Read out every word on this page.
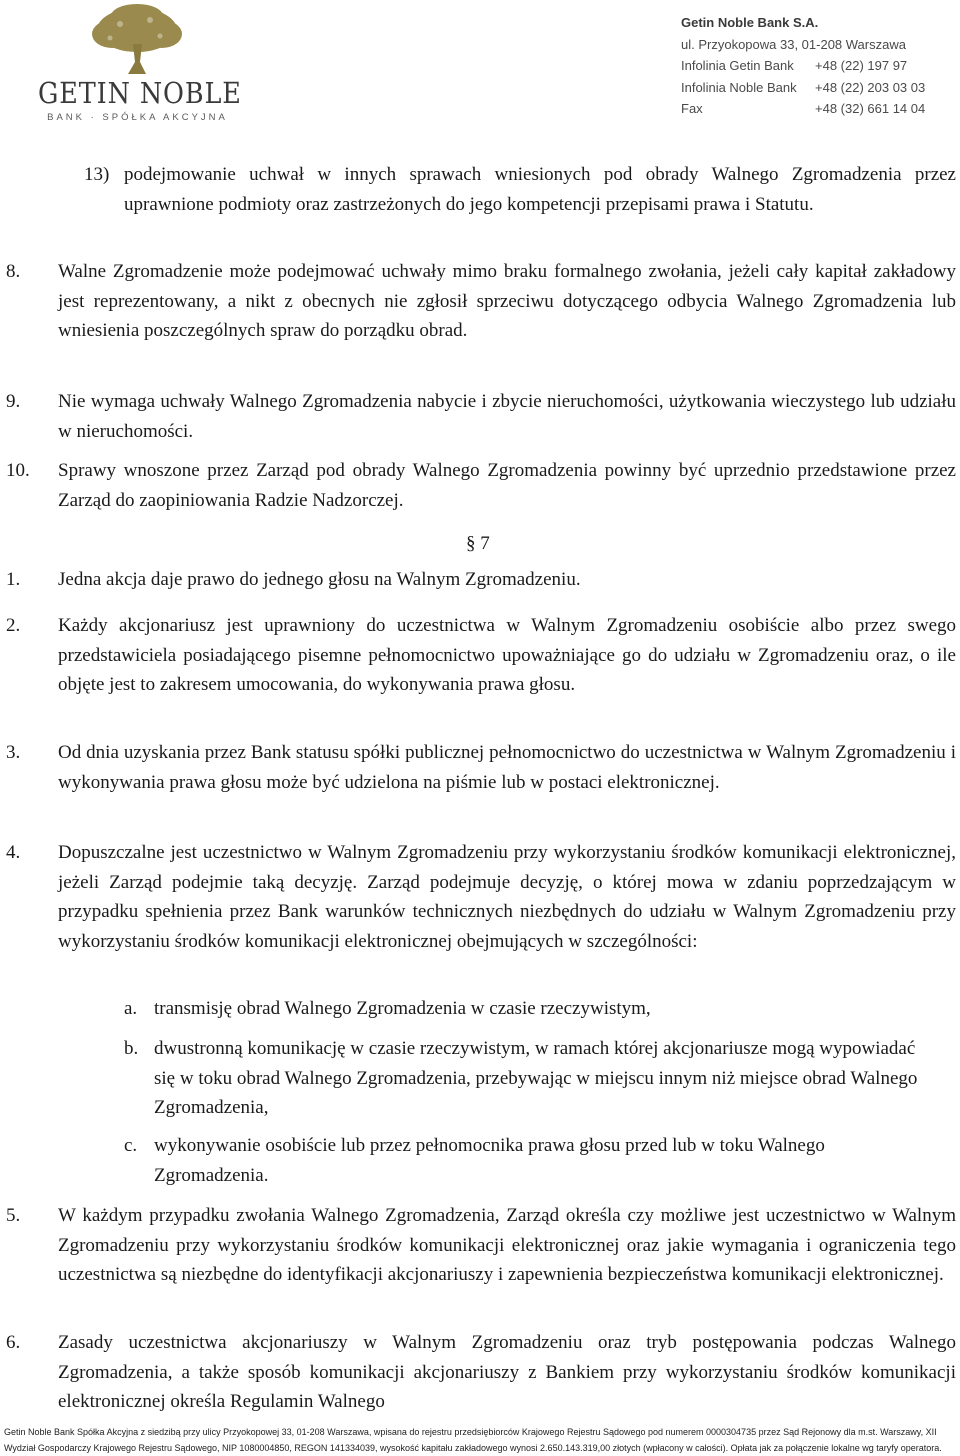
GETIN NOBLE
BANK · SPÓŁKA AKCYJNA
Getin Noble Bank S.A.
ul. Przyokopowa 33, 01-208 Warszawa
Infolinia Getin Bank	+48 (22) 197 97
Infolinia Noble Bank	+48 (22) 203 03 03
Fax	+48 (32) 661 14 04
13) podejmowanie uchwał w innych sprawach wniesionych pod obrady Walnego Zgromadzenia przez uprawnione podmioty oraz zastrzeżonych do jego kompetencji przepisami prawa i Statutu.

8.	Walne Zgromadzenie może podejmować uchwały mimo braku formalnego zwołania, jeżeli cały kapitał zakładowy jest reprezentowany, a nikt z obecnych nie zgłosił sprzeciwu dotyczącego odbycia Walnego Zgromadzenia lub wniesienia poszczególnych spraw do porządku obrad.

9.	Nie wymaga uchwały Walnego Zgromadzenia nabycie i zbycie nieruchomości, użytkowania wieczystego lub udziału w nieruchomości.

10.	Sprawy wnoszone przez Zarząd pod obrady Walnego Zgromadzenia powinny być uprzednio przedstawione przez Zarząd do zaopiniowania Radzie Nadzorczej.

§ 7
1.	Jedna akcja daje prawo do jednego głosu na Walnym Zgromadzeniu.

2.	Każdy akcjonariusz jest uprawniony do uczestnictwa w Walnym Zgromadzeniu osobiście albo przez swego przedstawiciela posiadającego pisemne pełnomocnictwo upoważniające go do udziału w Zgromadzeniu oraz, o ile objęte jest to zakresem umocowania, do wykonywania prawa głosu.

3.	Od dnia uzyskania przez Bank statusu spółki publicznej pełnomocnictwo do uczestnictwa w Walnym Zgromadzeniu i wykonywania prawa głosu może być udzielona na piśmie lub w postaci elektronicznej.

4.	Dopuszczalne jest uczestnictwo w Walnym Zgromadzeniu przy wykorzystaniu środków komunikacji elektronicznej, jeżeli Zarząd podejmie taką decyzję. Zarząd podejmuje decyzję, o której mowa w zdaniu poprzedzającym w przypadku spełnienia przez Bank warunków technicznych niezbędnych do udziału w Walnym Zgromadzeniu przy wykorzystaniu środków komunikacji elektronicznej obejmujących w szczególności:

a. transmisję obrad Walnego Zgromadzenia w czasie rzeczywistym,

b. dwustronną komunikację w czasie rzeczywistym, w ramach której akcjonariusze mogą wypowiadać się w toku obrad Walnego Zgromadzenia, przebywając w miejscu innym niż miejsce obrad Walnego Zgromadzenia,

c. wykonywanie osobiście lub przez pełnomocnika prawa głosu przed lub w toku Walnego Zgromadzenia.

5.	W każdym przypadku zwołania Walnego Zgromadzenia, Zarząd określa czy możliwe jest uczestnictwo w Walnym Zgromadzeniu przy wykorzystaniu środków komunikacji elektronicznej oraz jakie wymagania i ograniczenia tego uczestnictwa są niezbędne do identyfikacji akcjonariuszy i zapewnienia bezpieczeństwa komunikacji elektronicznej.

6.	Zasady uczestnictwa akcjonariuszy w Walnym Zgromadzeniu oraz tryb postępowania podczas Walnego Zgromadzenia, a także sposób komunikacji akcjonariuszy z Bankiem przy wykorzystaniu środków komunikacji elektronicznej określa Regulamin Walnego

Getin Noble Bank Spółka Akcyjna z siedzibą przy ulicy Przyokopowej 33, 01-208 Warszawa, wpisana do rejestru przedsiębiorców Krajowego Rejestru Sądowego pod numerem 0000304735 przez Sąd Rejonowy dla m.st. Warszawy, XII
Wydział Gospodarczy Krajowego Rejestru Sądowego, NIP 1080004850, REGON 141334039, wysokość kapitału zakładowego wynosi 2.650.143.319,00 złotych (wpłacony w całości). Opłata jak za połączenie lokalne wg taryfy operatora.
